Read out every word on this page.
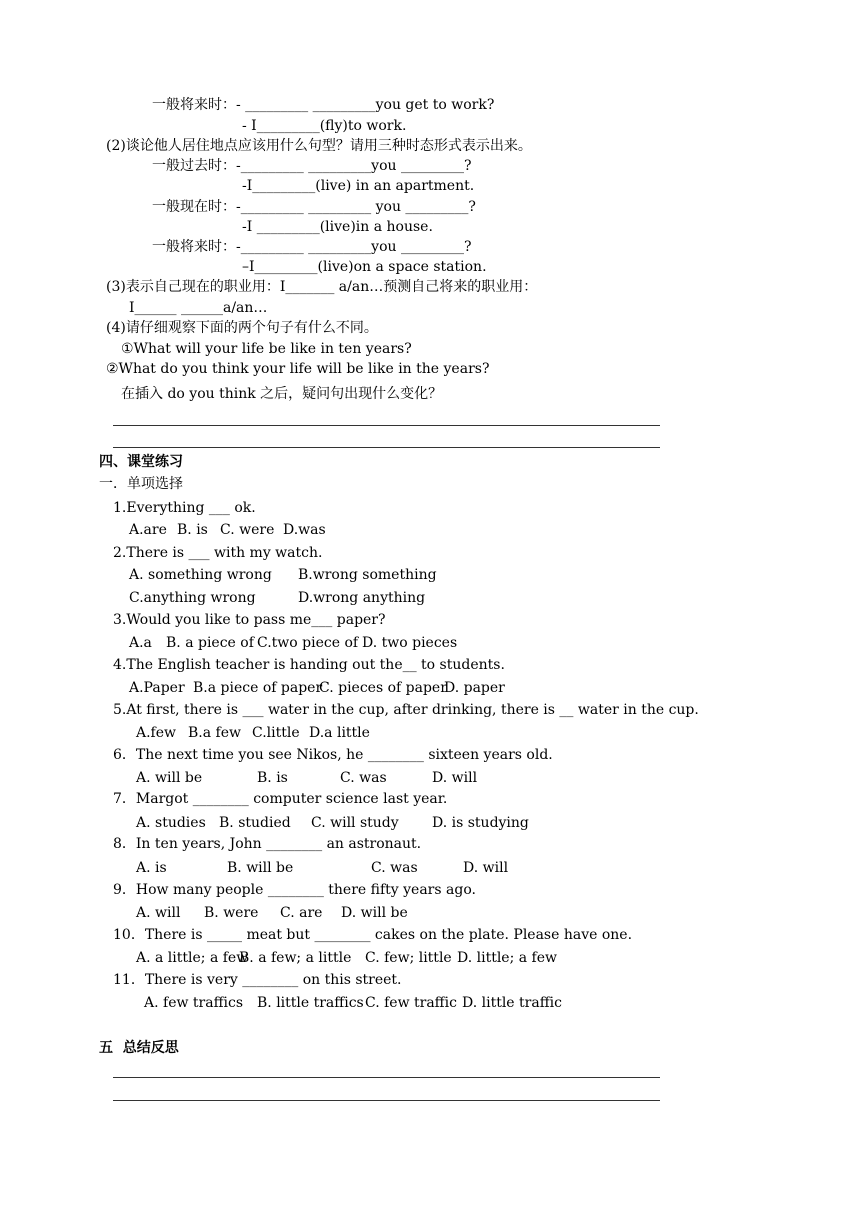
一般将来时：- _________ _________you get to work?
- I_________(fly)to work.
(2)谈论他人居住地点应该用什么句型？请用三种时态形式表示出来。
一般过去时：-_________ _________you _________?
-I_________(live) in an apartment.
一般现在时：-_________ _________ you _________?
-I _________(live)in a house.
一般将来时：-_________ _________you _________?
–I_________(live)on a space station.
(3)表示自己现在的职业用：I_______ a/an…预测自己将来的职业用：
I______ ______a/an…
(4)请仔细观察下面的两个句子有什么不同。
①What will your life be like in ten years?
②What do you think your life will be like in the years?
在插入 do you think 之后，疑问句出现什么变化？
四、课堂练习
一．单项选择
1.Everything ___ ok.
A.are B. is C. were D.was
2.There is ___ with my watch.
A. something wrong B.wrong something
C.anything wrong	D.wrong anything
3.Would you like to pass me___ paper?
A.a B. a piece of C.two piece of D. two pieces
4.The English teacher is handing out the__ to students.
A.Paper B.a piece of paper
C. pieces of paper
D. paper
5.At first, there is ___ water in the cup, after drinking, there is __ water in the cup.
A.few B.a few C.little D.a little
6．The next time you see Nikos, he ________ sixteen years old.
A. will be	B. is	C. was	D. will
7．Margot ________ computer science last year.
A. studies B. studied C. will study D. is studying
8．In ten years, John ________ an astronaut.
A. is	B. will be	C. was	D. will
9．How many people ________ there fifty years ago.
A. will B. were C. are D. will be
10．There is _____ meat but ________ cakes on the plate. Please have one.
A. a little; a few
B. a few; a little C. few; little D. little; a few
11．There is very ________ on this street.
A. few traffics B. little traffics C. few traffic D. little traffic
五  总结反思
